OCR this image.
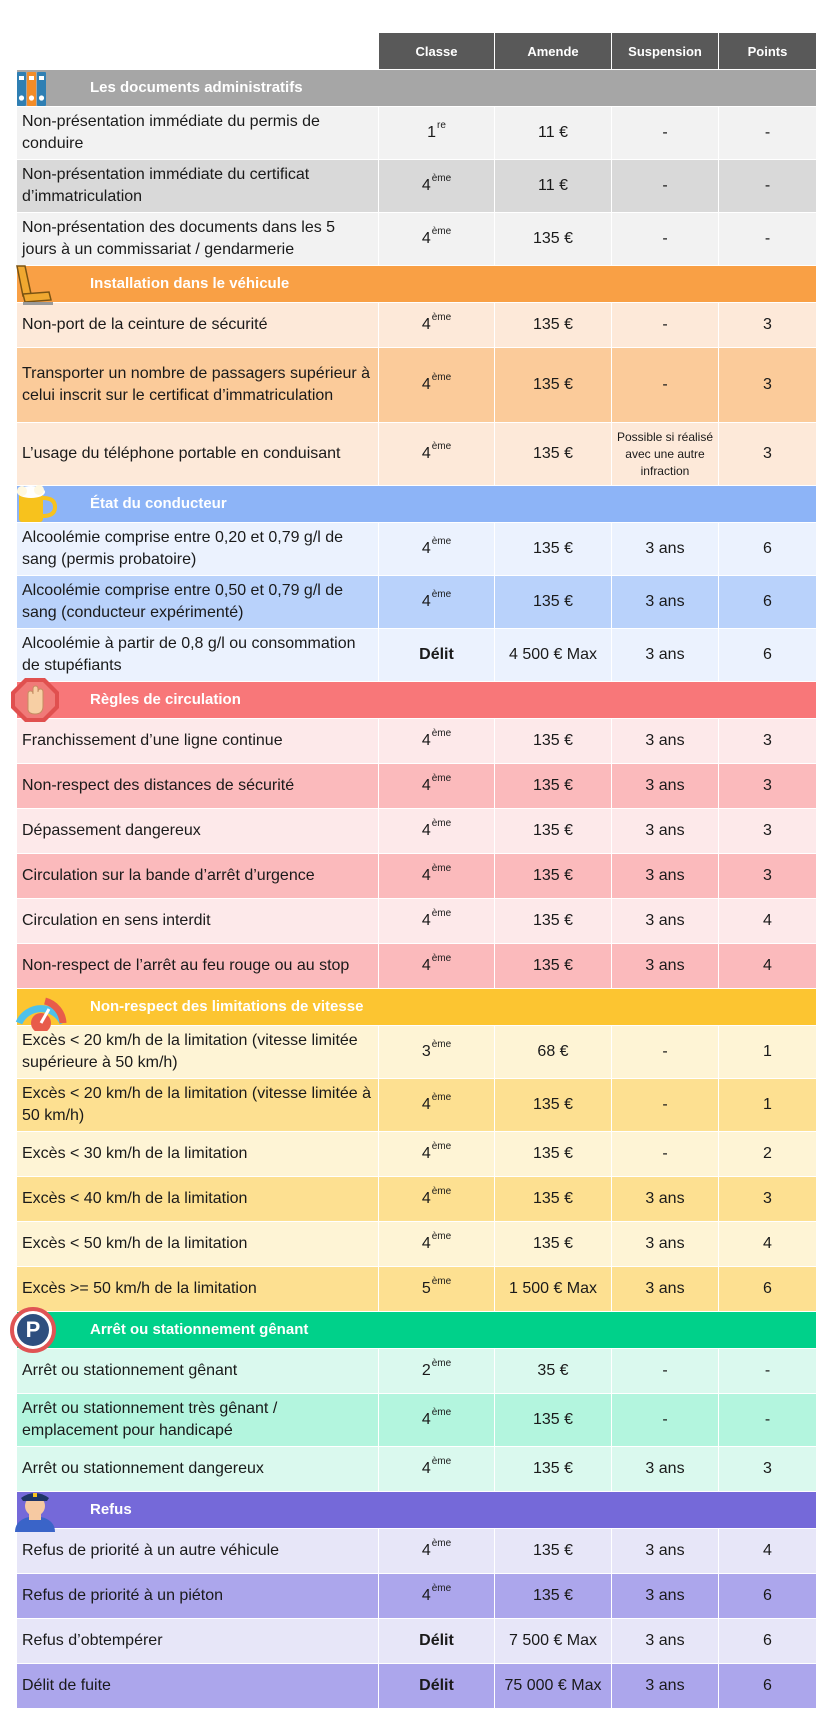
	Classe	Amende	Suspension	Points

Les documents administratifs				

Non-présentation immédiate du permis de conduire	1re	11 €	-	-
Non-présentation immédiate du certificat d’immatriculation	4ème	11 €	-	-
Non-présentation des documents dans les 5 jours à un commissariat / gendarmerie	4ème	135 €	-	-

Installation dans le véhicule				

Non-port de la ceinture de sécurité	4ème	135 €	-	3
Transporter un nombre de passagers supérieur à celui inscrit sur le certificat d’immatriculation	4ème	135 €	-	3
L’usage du téléphone portable en conduisant	4ème	135 €	Possible si réalisé avec une autre infraction	3

État du conducteur				

Alcoolémie comprise entre 0,20 et 0,79 g/l de sang (permis probatoire)	4ème	135 €	3 ans	6
Alcoolémie comprise entre 0,50 et 0,79 g/l de sang (conducteur expérimenté)	4ème	135 €	3 ans	6
Alcoolémie à partir de 0,8 g/l ou consommation de stupéfiants	Délit	4 500 € Max	3 ans	6

Règles de circulation				

Franchissement d’une ligne continue	4ème	135 €	3 ans	3
Non-respect des distances de sécurité	4ème	135 €	3 ans	3
Dépassement dangereux	4ème	135 €	3 ans	3
Circulation sur la bande d’arrêt d’urgence	4ème	135 €	3 ans	3
Circulation en sens interdit	4ème	135 €	3 ans	4
Non-respect de l’arrêt au feu rouge ou au stop	4ème	135 €	3 ans	4

Non-respect des limitations de vitesse				

Excès < 20 km/h de la limitation (vitesse limitée supérieure à 50 km/h)	3ème	68 €	-	1
Excès < 20 km/h de la limitation (vitesse limitée à 50 km/h)	4ème	135 €	-	1
Excès < 30 km/h de la limitation	4ème	135 €	-	2
Excès < 40 km/h de la limitation	4ème	135 €	3 ans	3
Excès < 50 km/h de la limitation	4ème	135 €	3 ans	4
Excès >= 50 km/h de la limitation	5ème	1 500 € Max	3 ans	6

P Arrêt ou stationnement gênant				

Arrêt ou stationnement gênant	2ème	35 €	-	-
Arrêt ou stationnement très gênant / emplacement pour handicapé	4ème	135 €	-	-
Arrêt ou stationnement dangereux	4ème	135 €	3 ans	3

Refus				

Refus de priorité à un autre véhicule	4ème	135 €	3 ans	4
Refus de priorité à un piéton	4ème	135 €	3 ans	6
Refus d’obtempérer	Délit	7 500 € Max	3 ans	6
Délit de fuite	Délit	75 000 € Max	3 ans	6
